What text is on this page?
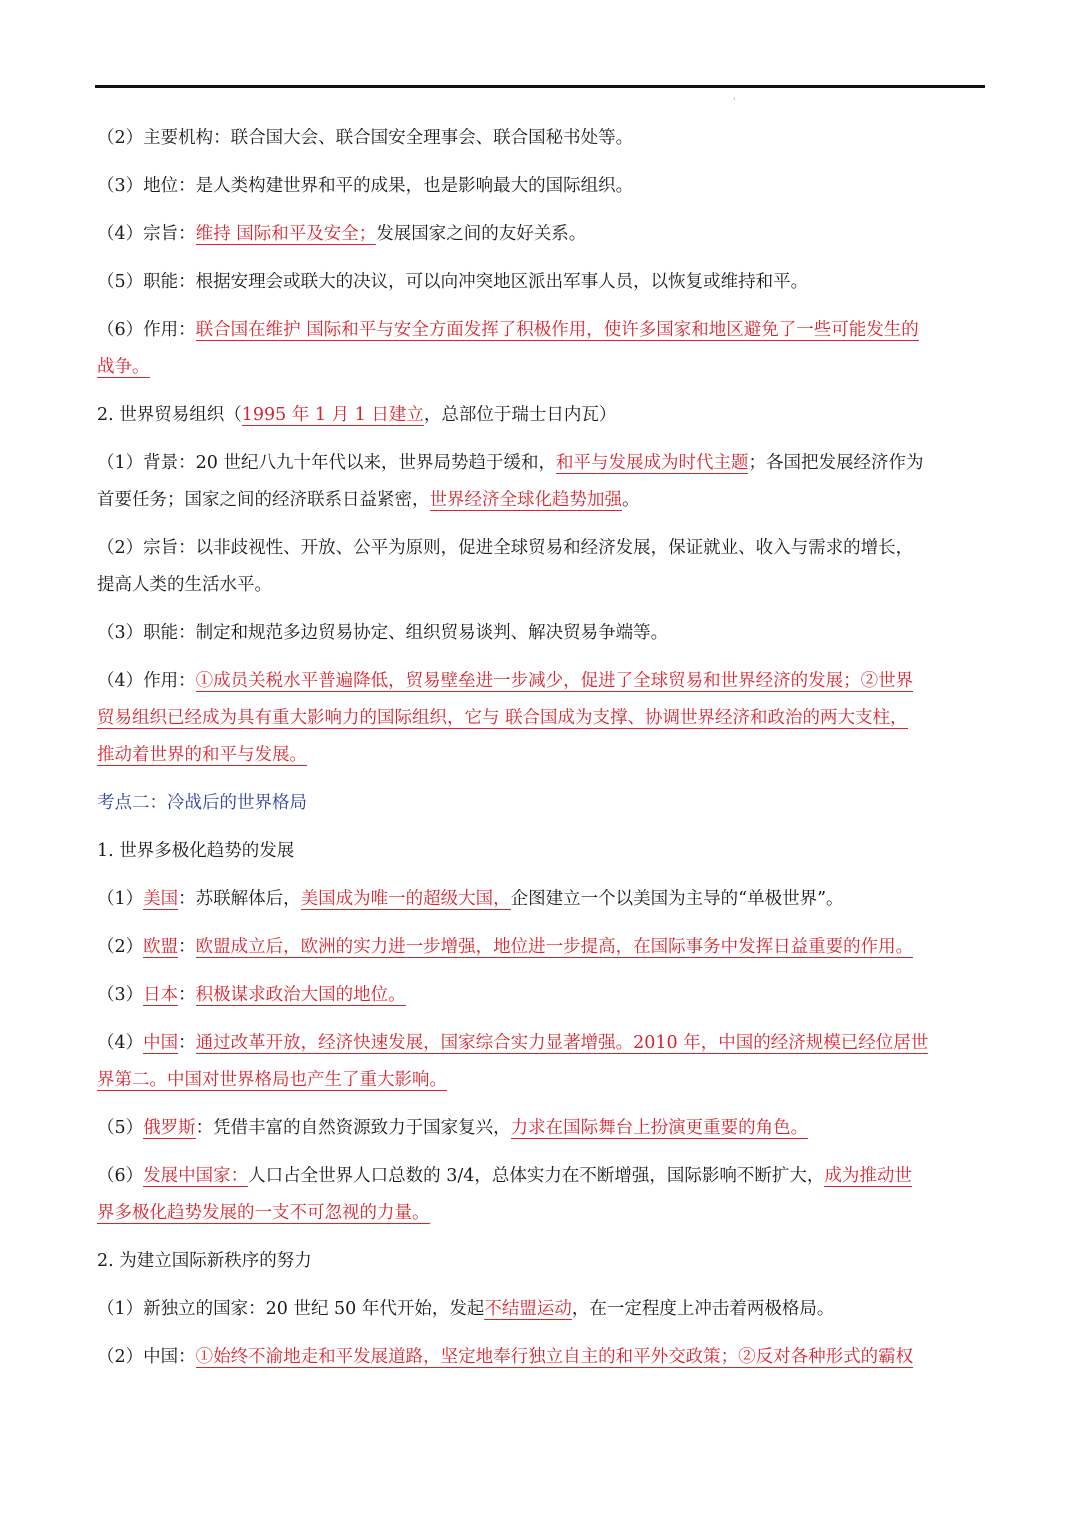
'
（2）主要机构：联合国大会、联合国安全理事会、联合国秘书处等。
（3）地位：是人类构建世界和平的成果，也是影响最大的国际组织。
（4）宗旨：维持 国际和平及安全；发展国家之间的友好关系。
（5）职能：根据安理会或联大的决议，可以向冲突地区派出军事人员，以恢复或维持和平。
（6）作用：联合国在维护 国际和平与安全方面发挥了积极作用，使许多国家和地区避免了一些可能发生的
战争。
2. 世界贸易组织（1995 年 1 月 1 日建立，总部位于瑞士日内瓦）
（1）背景：20 世纪八九十年代以来，世界局势趋于缓和，和平与发展成为时代主题；各国把发展经济作为
首要任务；国家之间的经济联系日益紧密，世界经济全球化趋势加强。
（2）宗旨：以非歧视性、开放、公平为原则，促进全球贸易和经济发展，保证就业、收入与需求的增长，
提高人类的生活水平。
（3）职能：制定和规范多边贸易协定、组织贸易谈判、解决贸易争端等。
（4）作用：①成员关税水平普遍降低，贸易壁垒进一步减少，促进了全球贸易和世界经济的发展；②世界
贸易组织已经成为具有重大影响力的国际组织，它与 联合国成为支撑、协调世界经济和政治的两大支柱，
推动着世界的和平与发展。
考点二：冷战后的世界格局
1. 世界多极化趋势的发展
（1）美国：苏联解体后，美国成为唯一的超级大国，企图建立一个以美国为主导的“单极世界”。
（2）欧盟：欧盟成立后，欧洲的实力进一步增强，地位进一步提高，在国际事务中发挥日益重要的作用。
（3）日本：积极谋求政治大国的地位。
（4）中国：通过改革开放，经济快速发展，国家综合实力显著增强。2010 年，中国的经济规模已经位居世
界第二。中国对世界格局也产生了重大影响。
（5）俄罗斯：凭借丰富的自然资源致力于国家复兴，力求在国际舞台上扮演更重要的角色。
（6）发展中国家：人口占全世界人口总数的 3/4，总体实力在不断增强，国际影响不断扩大，成为推动世
界多极化趋势发展的一支不可忽视的力量。
2. 为建立国际新秩序的努力
（1）新独立的国家：20 世纪 50 年代开始，发起不结盟运动，在一定程度上冲击着两极格局。
（2）中国：①始终不渝地走和平发展道路，坚定地奉行独立自主的和平外交政策；②反对各种形式的霸权
